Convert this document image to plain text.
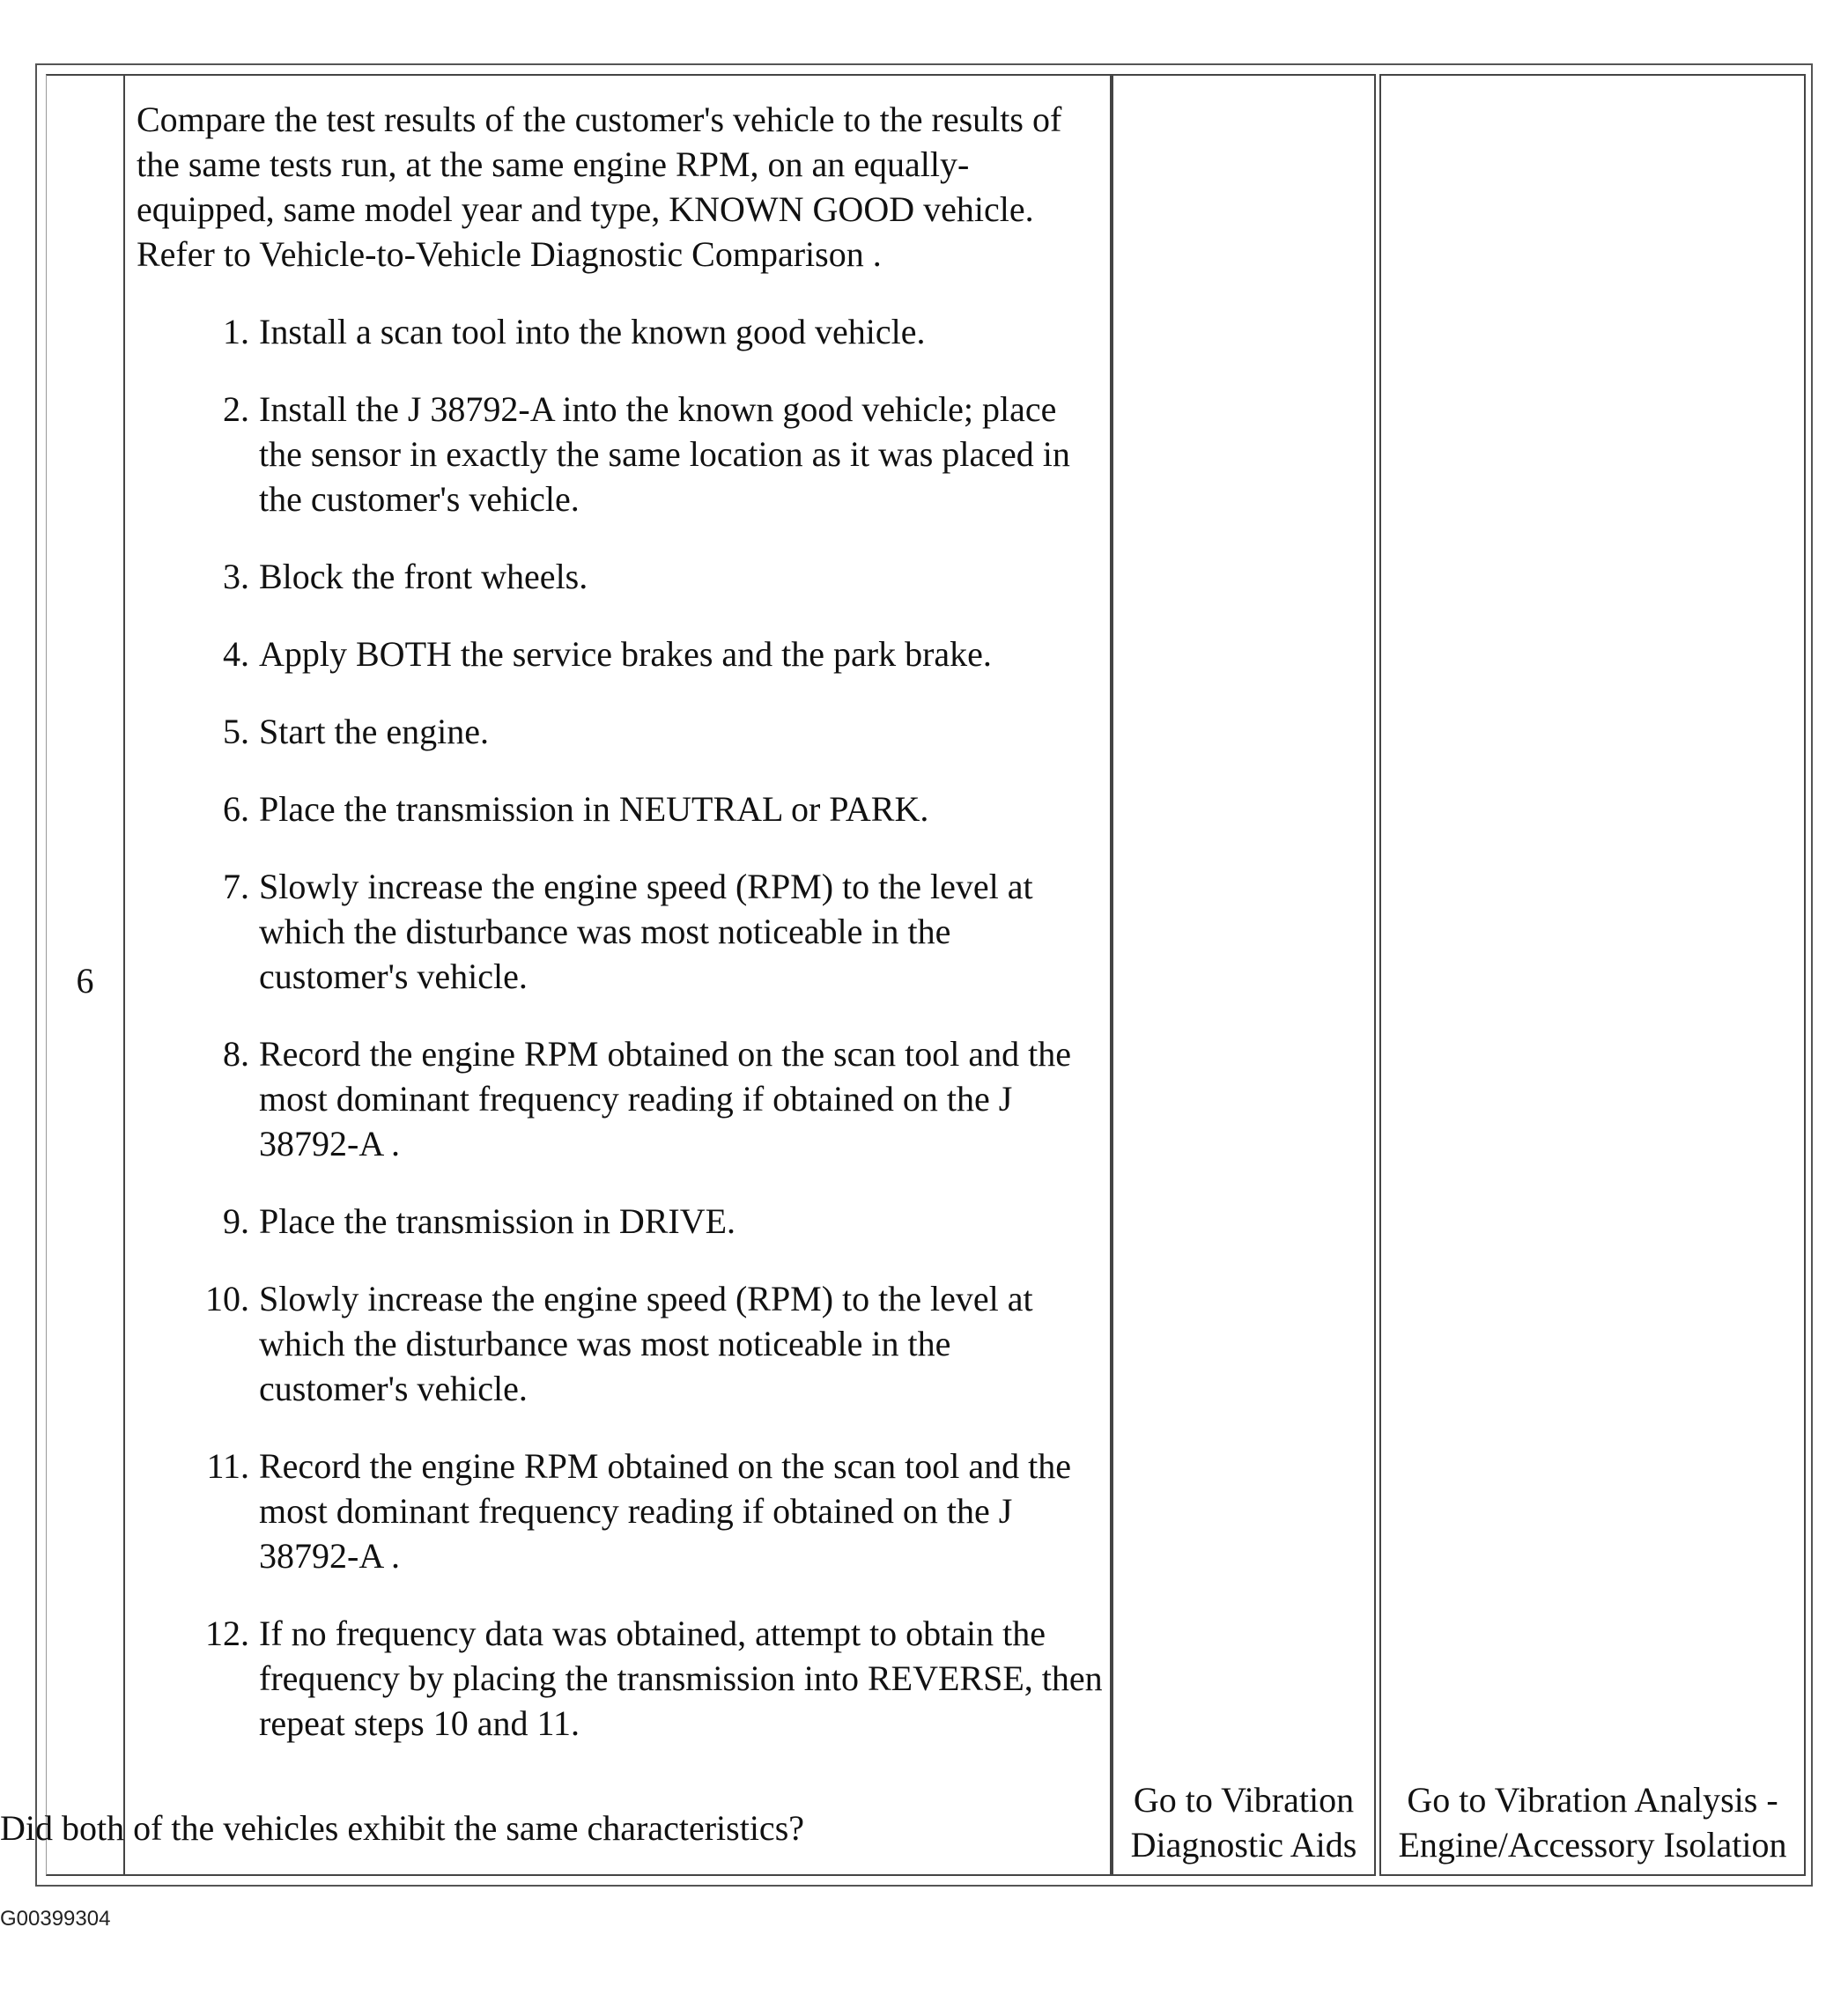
6

Compare the test results of the customer's vehicle to the results of the same tests run, at the same engine RPM, on an equally-equipped, same model year and type, KNOWN GOOD vehicle. Refer to Vehicle-to-Vehicle Diagnostic Comparison .

1. Install a scan tool into the known good vehicle.
2. Install the J 38792-A into the known good vehicle; place the sensor in exactly the same location as it was placed in the customer's vehicle.
3. Block the front wheels.
4. Apply BOTH the service brakes and the park brake.
5. Start the engine.
6. Place the transmission in NEUTRAL or PARK.
7. Slowly increase the engine speed (RPM) to the level at which the disturbance was most noticeable in the customer's vehicle.
8. Record the engine RPM obtained on the scan tool and the most dominant frequency reading if obtained on the J 38792-A .
9. Place the transmission in DRIVE.
10. Slowly increase the engine speed (RPM) to the level at which the disturbance was most noticeable in the customer's vehicle.
11. Record the engine RPM obtained on the scan tool and the most dominant frequency reading if obtained on the J 38792-A .
12. If no frequency data was obtained, attempt to obtain the frequency by placing the transmission into REVERSE, then repeat steps 10 and 11.
Did both of the vehicles exhibit the same characteristics?
Go to Vibration Diagnostic Aids
Go to Vibration Analysis - Engine/Accessory Isolation
G00399304
